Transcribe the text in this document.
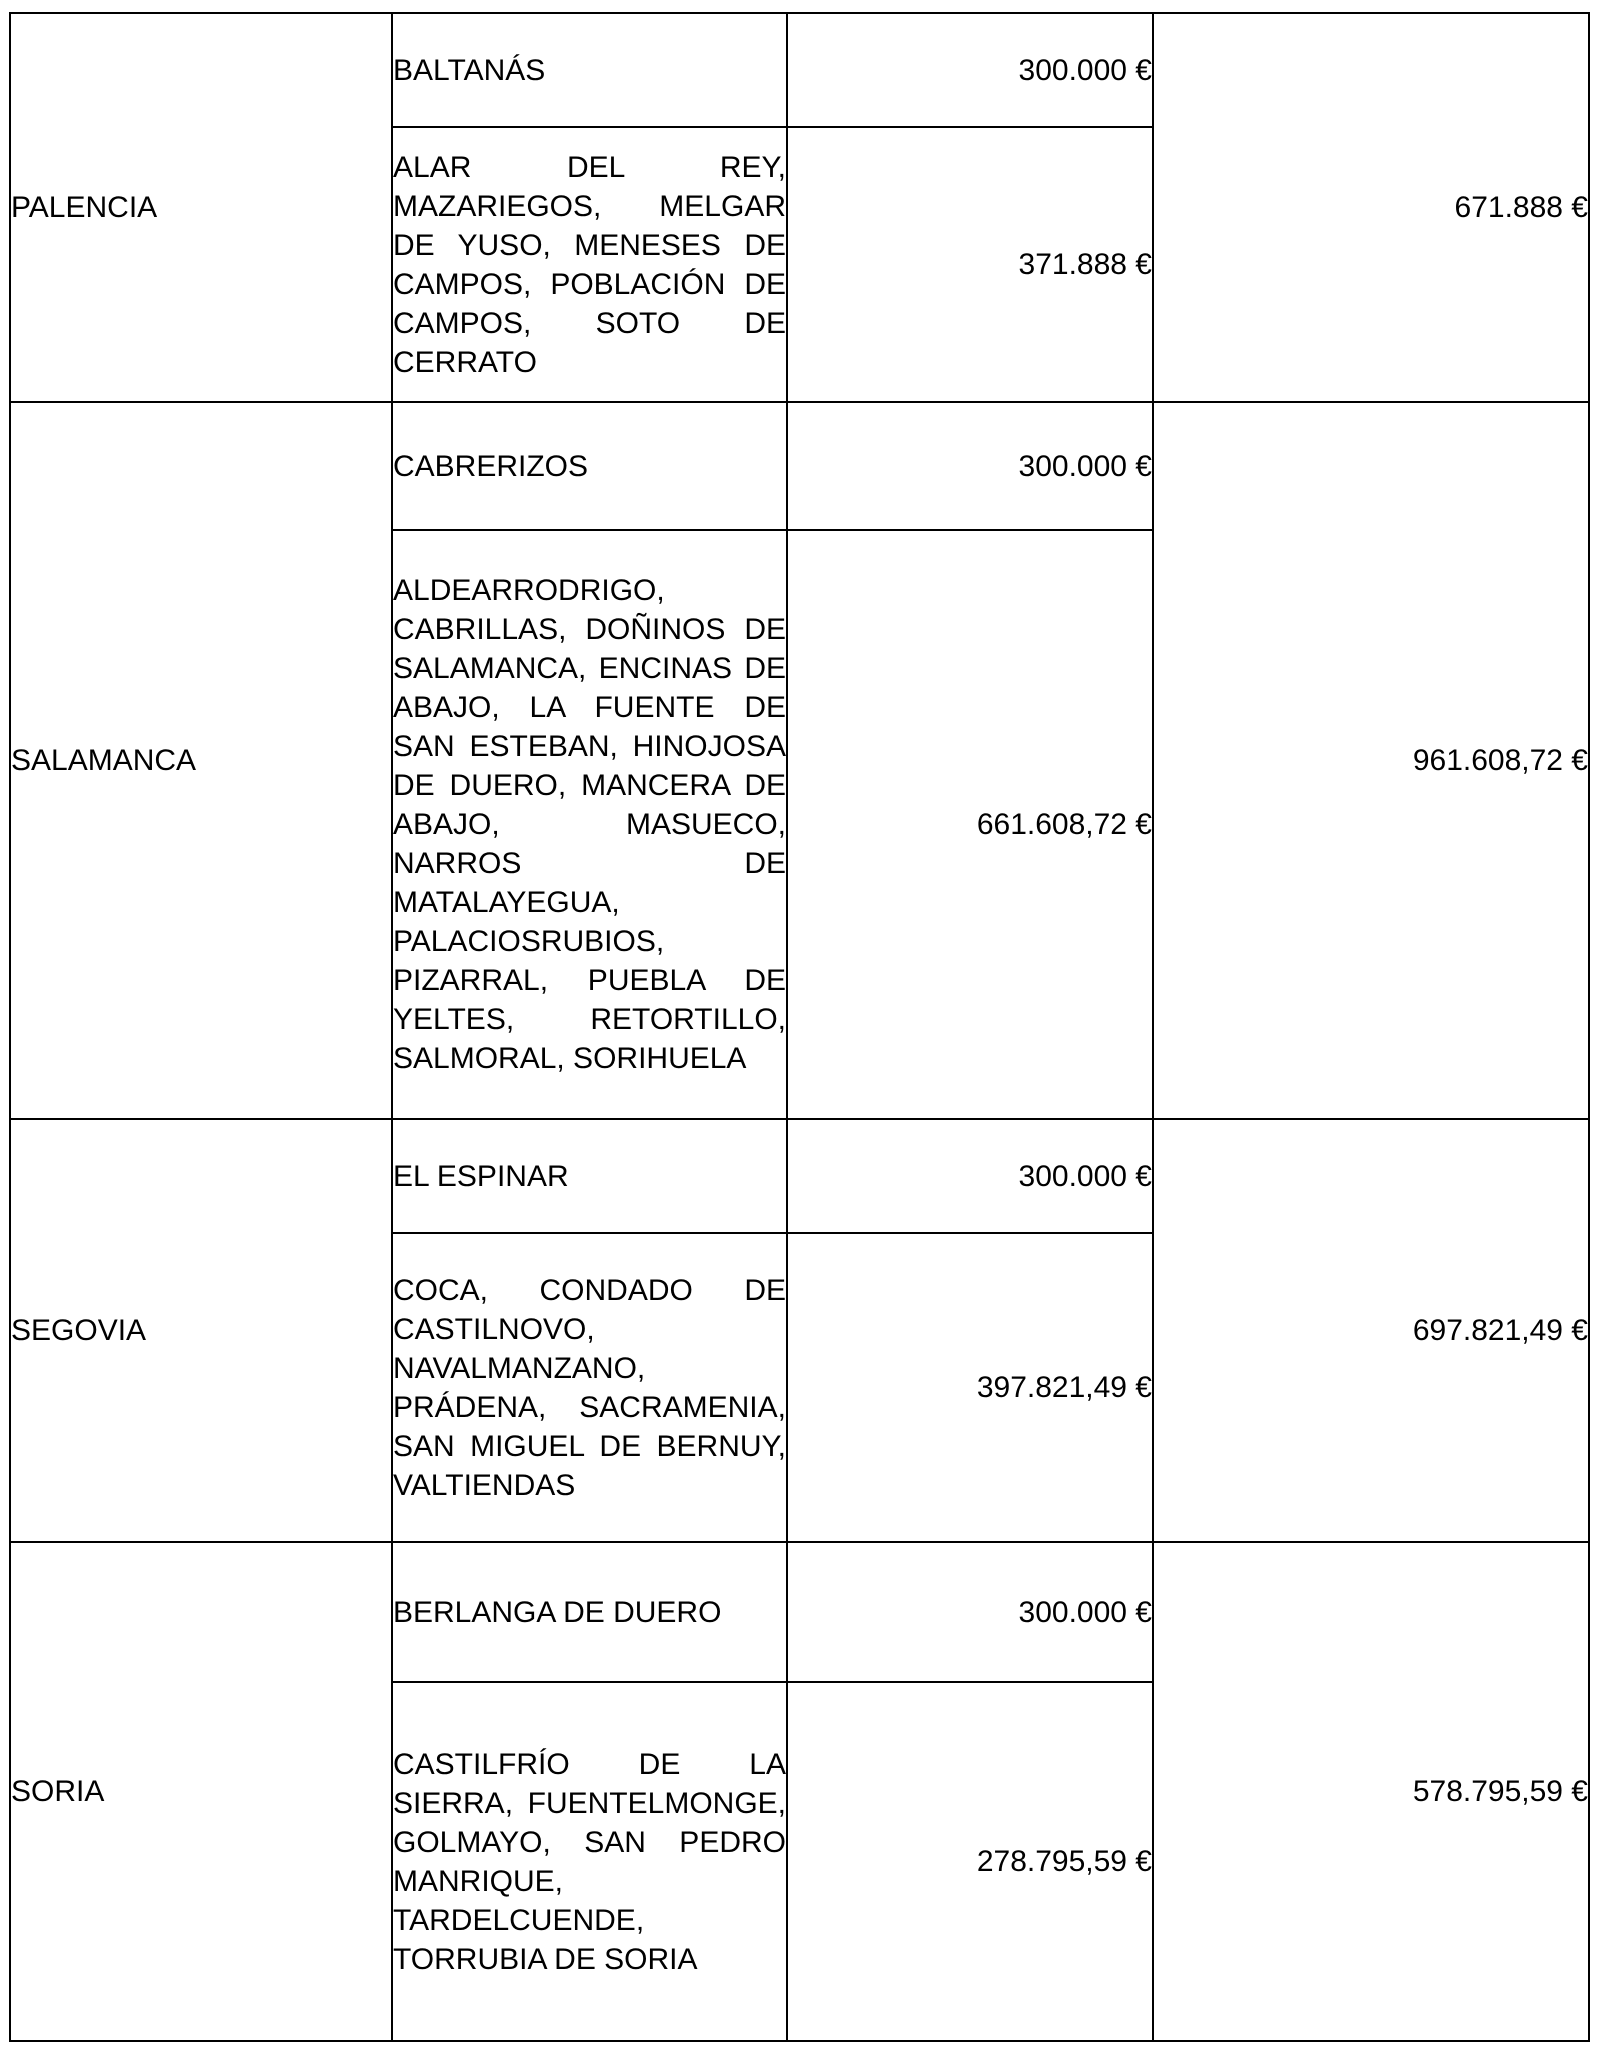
PALENCIA	BALTANÁS	300.000 €	671.888 €
	ALAR DEL REY, MAZARIEGOS, MELGAR DE YUSO, MENESES DE CAMPOS, POBLACIÓN DE CAMPOS, SOTO DE CERRATO	371.888 €	
SALAMANCA	CABRERIZOS	300.000 €	961.608,72 €
	ALDEARRODRIGO, CABRILLAS, DOÑINOS DE SALAMANCA, ENCINAS DE ABAJO, LA FUENTE DE SAN ESTEBAN, HINOJOSA DE DUERO, MANCERA DE ABAJO, MASUECO, NARROS DE MATALAYEGUA, PALACIOSRUBIOS, PIZARRAL, PUEBLA DE YELTES, RETORTILLO, SALMORAL, SORIHUELA	661.608,72 €	
SEGOVIA	EL ESPINAR	300.000 €	697.821,49 €
	COCA, CONDADO DE CASTILNOVO, NAVALMANZANO, PRÁDENA, SACRAMENIA, SAN MIGUEL DE BERNUY, VALTIENDAS	397.821,49 €	
SORIA	BERLANGA DE DUERO	300.000 €	578.795,59 €
	CASTILFRÍO DE LA SIERRA, FUENTELMONGE, GOLMAYO, SAN PEDRO MANRIQUE, TARDELCUENDE, TORRUBIA DE SORIA	278.795,59 €	
